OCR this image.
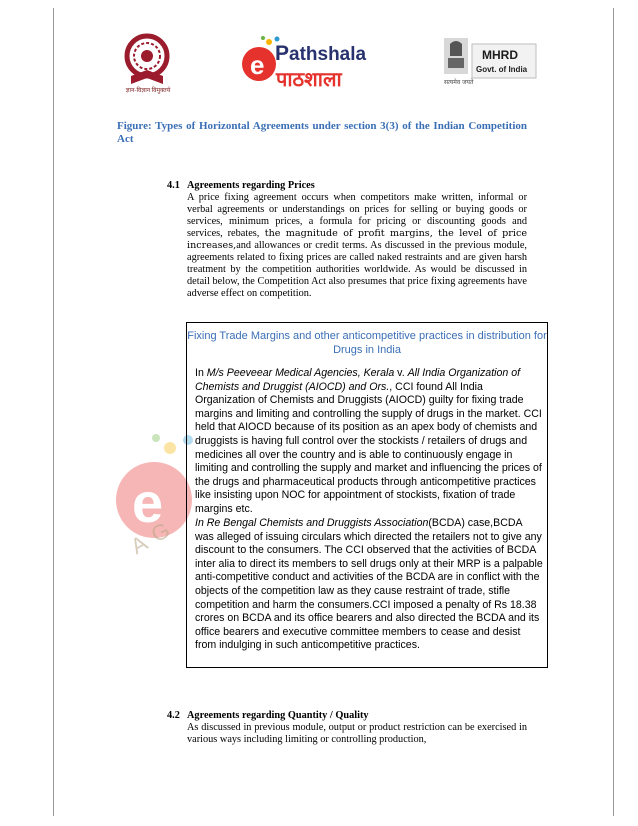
ज्ञान-विज्ञान विमुक्तये
e P athshala
पाठशाला	सत्यमेव जयते
MHRD
Govt. of India
Figure: Types of Horizontal Agreements under section 3(3) of the Indian Competition Act
4.1 Agreements regarding Prices
A price fixing agreement occurs when competitors make written, informal or verbal agreements or understandings on prices for selling or buying goods or services, minimum prices, a formula for pricing or discounting goods and services, rebates, the magnitude of profit margins, the level of price increases,and allowances or credit terms. As discussed in the previous module, agreements related to fixing prices are called naked restraints and are given harsh treatment by the competition authorities worldwide. As would be discussed in detail below, the Competition Act also presumes that price fixing agreements have adverse effect on competition.
e
A G
Fixing Trade Margins and other anticompetitive practices in distribution for Drugs in India
In M/s Peeveear Medical Agencies, Kerala v. All India Organization of Chemists and Druggist (AIOCD) and Ors., CCI found All India Organization of Chemists and Druggists (AIOCD) guilty for fixing trade margins and limiting and controlling the supply of drugs in the market. CCI held that AIOCD because of its position as an apex body of chemists and druggists is having full control over the stockists / retailers of drugs and medicines all over the country and is able to continuously engage in limiting and controlling the supply and market and influencing the prices of the drugs and pharmaceutical products through anticompetitive practices like insisting upon NOC for appointment of stockists, fixation of trade margins etc.
In Re Bengal Chemists and Druggists Association(BCDA) case,BCDA was alleged of issuing circulars which directed the retailers not to give any discount to the consumers. The CCI observed that the activities of BCDA inter alia to direct its members to sell drugs only at their MRP is a palpable anti-competitive conduct and activities of the BCDA are in conflict with the objects of the competition law as they cause restraint of trade, stifle competition and harm the consumers.CCI imposed a penalty of Rs 18.38 crores on BCDA and its office bearers and also directed the BCDA and its office bearers and executive committee members to cease and desist from indulging in such anticompetitive practices.
4.2 Agreements regarding Quantity / Quality
As discussed in previous module, output or product restriction can be exercised in various ways including limiting or controlling production,
